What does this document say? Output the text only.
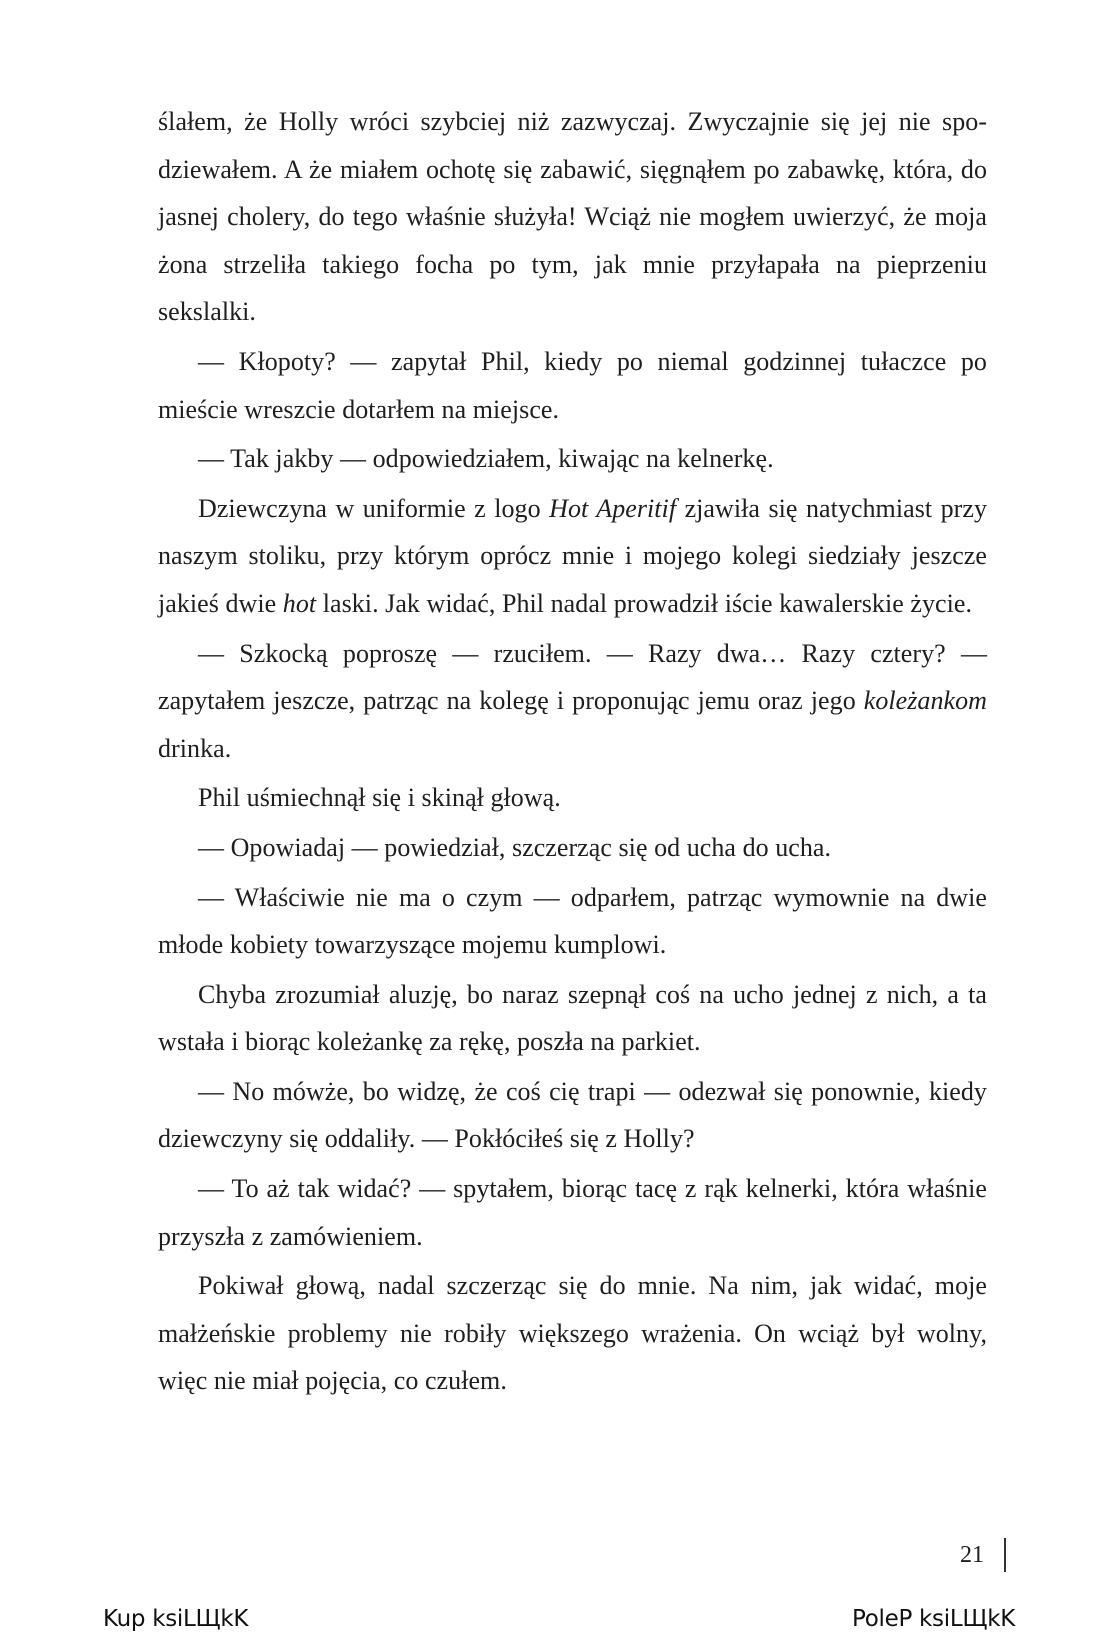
ślałem, że Holly wróci szybciej niż zazwyczaj. Zwyczajnie się jej nie spodziewałem. A że miałem ochotę się zabawić, sięgnąłem po zabawkę, która, do jasnej cholery, do tego właśnie służyła! Wciąż nie mogłem uwierzyć, że moja żona strzeliła takiego focha po tym, jak mnie przyłapała na pieprzeniu sekslalki.

— Kłopoty? — zapytał Phil, kiedy po niemal godzinnej tułaczce po mieście wreszcie dotarłem na miejsce.

— Tak jakby — odpowiedziałem, kiwając na kelnerkę.

Dziewczyna w uniformie z logo Hot Aperitif zjawiła się natychmiast przy naszym stoliku, przy którym oprócz mnie i mojego kolegi siedziały jeszcze jakieś dwie hot laski. Jak widać, Phil nadal prowadził iście kawalerskie życie.

— Szkocką poproszę — rzuciłem. — Razy dwa… Razy cztery? — zapytałem jeszcze, patrząc na kolegę i proponując jemu oraz jego koleżankom drinka.

Phil uśmiechnął się i skinął głową.

— Opowiadaj — powiedział, szczerząc się od ucha do ucha.

— Właściwie nie ma o czym — odparłem, patrząc wymownie na dwie młode kobiety towarzyszące mojemu kumplowi.

Chyba zrozumiał aluzję, bo naraz szepnął coś na ucho jednej z nich, a ta wstała i biorąc koleżankę za rękę, poszła na parkiet.

— No mówże, bo widzę, że coś cię trapi — odezwał się ponownie, kiedy dziewczyny się oddaliły. — Pokłóciłeś się z Holly?

— To aż tak widać? — spytałem, biorąc tacę z rąk kelnerki, która właśnie przyszła z zamówieniem.

Pokiwał głową, nadal szczerząc się do mnie. Na nim, jak widać, moje małżeńskie problemy nie robiły większego wrażenia. On wciąż był wolny, więc nie miał pojęcia, co czułem.

21
Kup ksiLЩkK	PoleP ksiLЩkK
